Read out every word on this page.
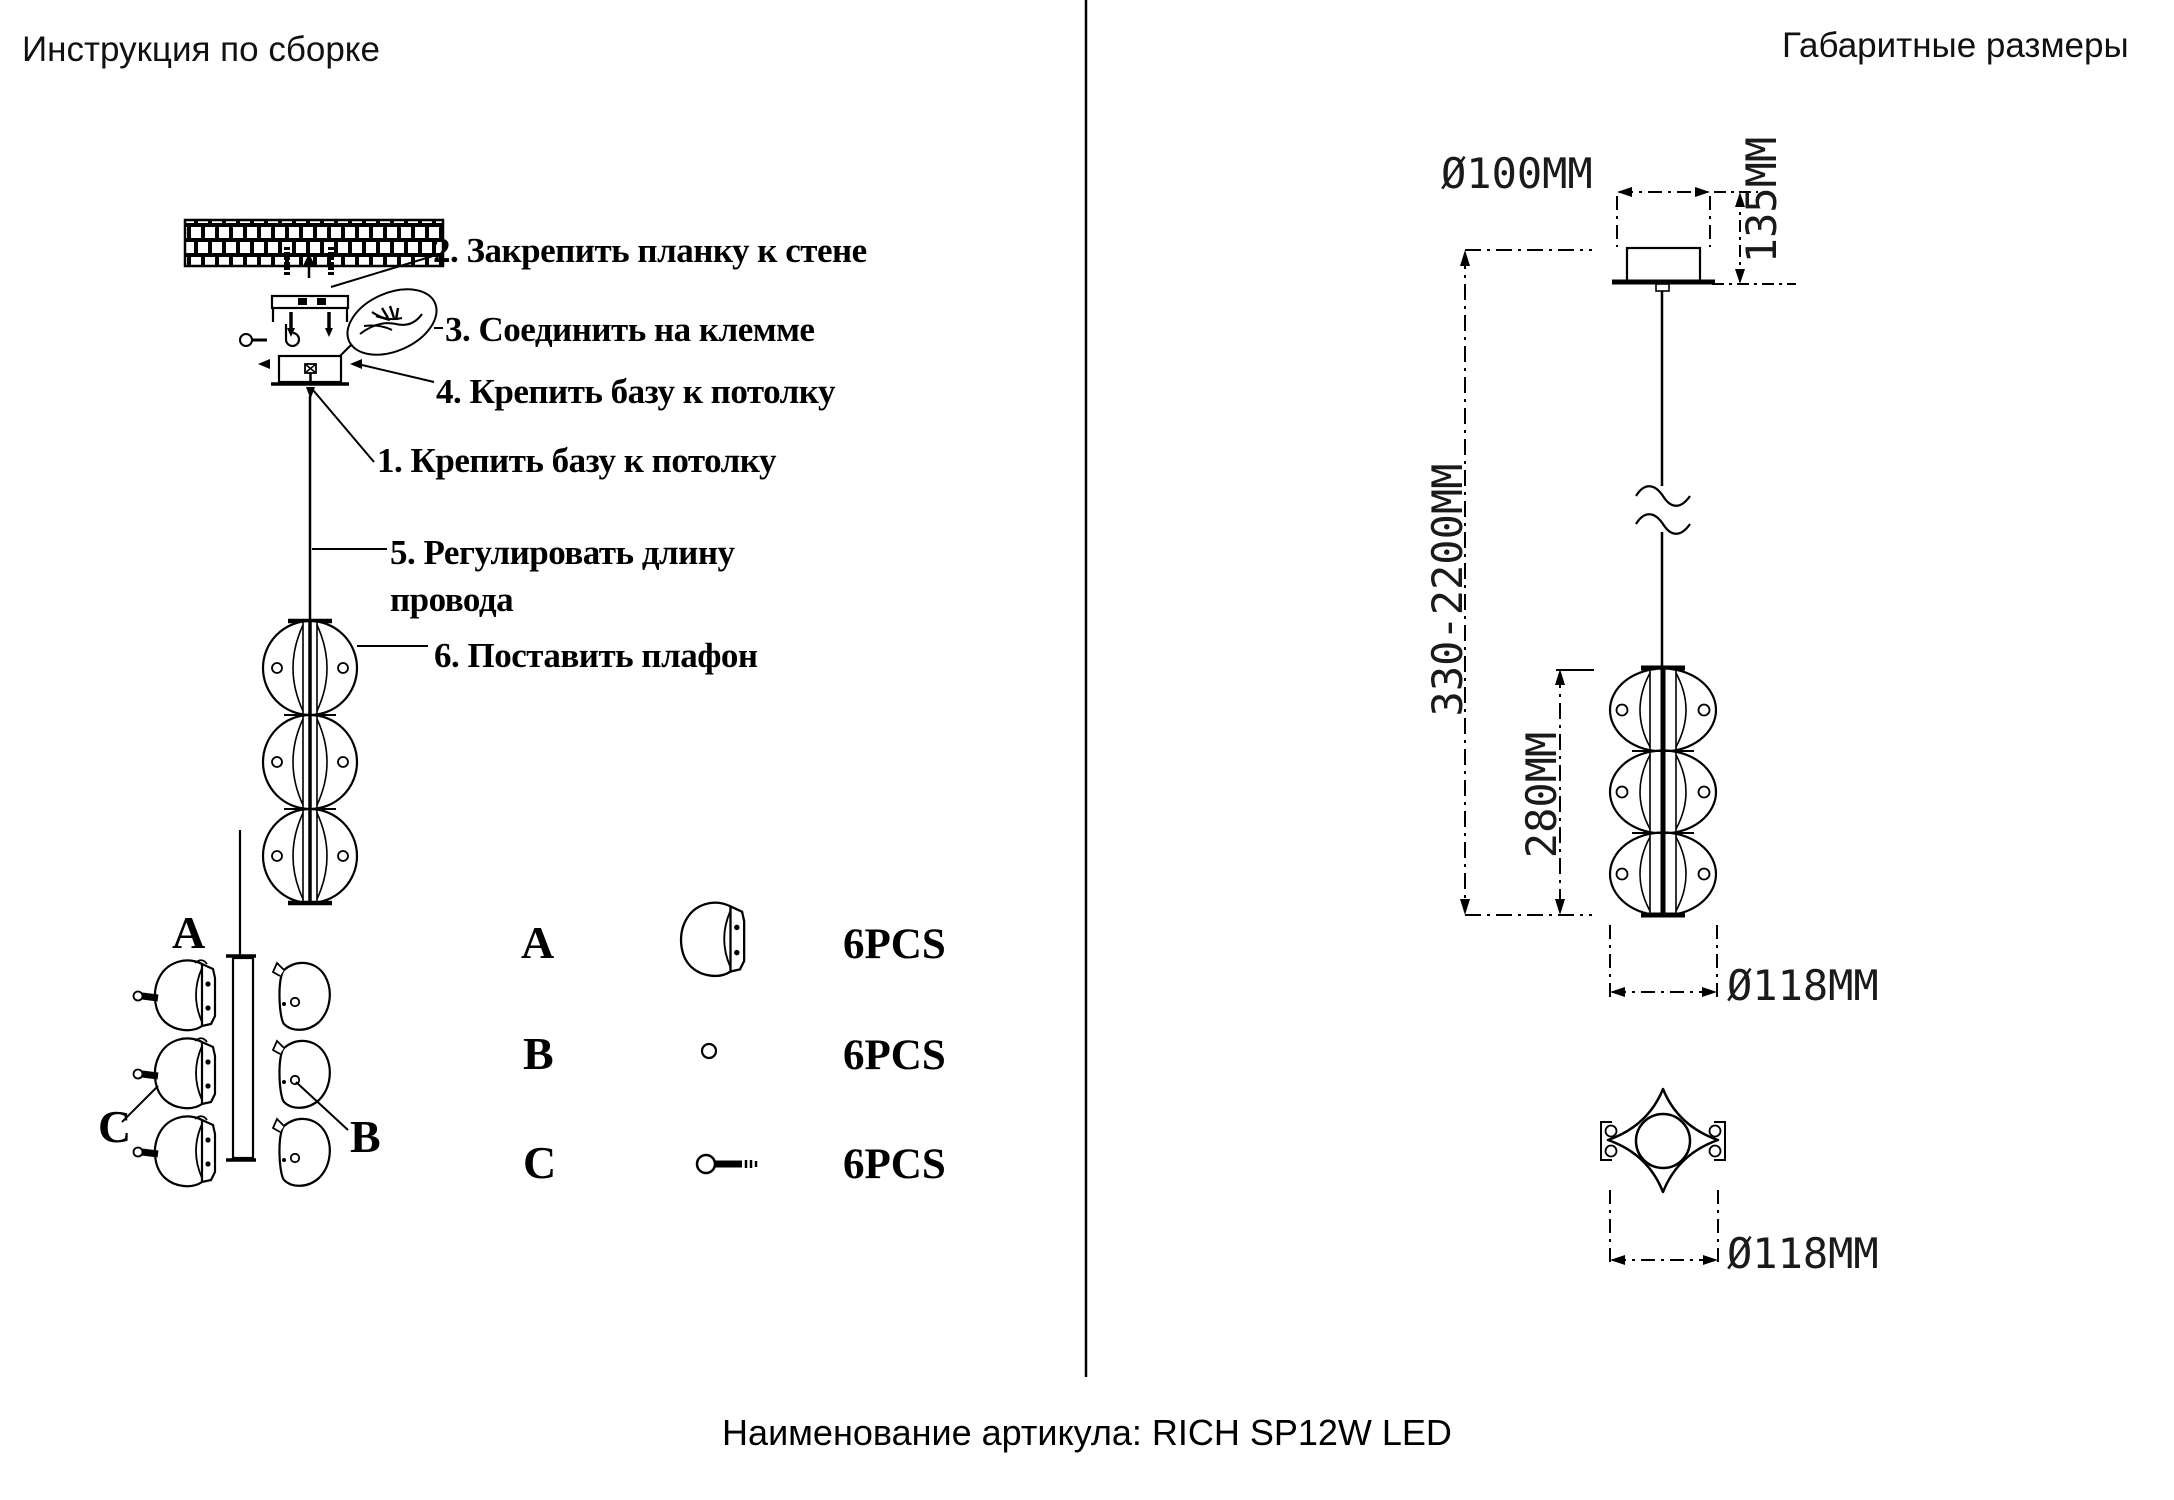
Инструкция по сборке	Габаритные размеры
Наименование артикула: RICH SP12W LED
2. Закрепить планку к стене
3. Соединить на клемме
4. Крепить базу к потолку
1. Крепить базу к потолку
5. Регулировать длину
провода
6. Поставить плафон
A
C	B
A	6PCS
B	6PCS
C	6PCS
Ø100MM	135MM
330-2200MM
280MM
Ø118MM
Ø118MM
